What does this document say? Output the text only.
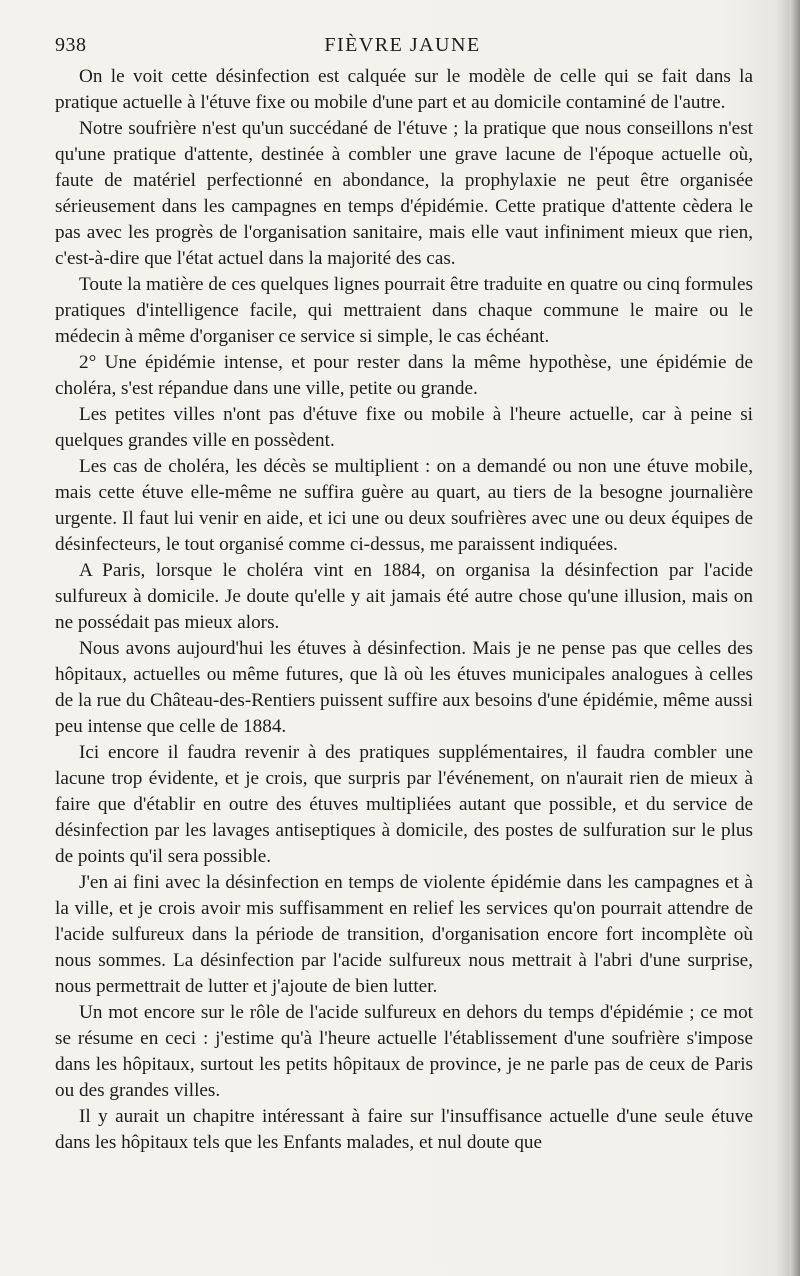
938	FIÈVRE JAUNE

On le voit cette désinfection est calquée sur le modèle de celle qui se fait dans la pratique actuelle à l'étuve fixe ou mobile d'une part et au domicile contaminé de l'autre.

Notre soufrière n'est qu'un succédané de l'étuve ; la pratique que nous conseillons n'est qu'une pratique d'attente, destinée à combler une grave lacune de l'époque actuelle où, faute de matériel perfectionné en abondance, la prophylaxie ne peut être organisée sérieusement dans les campagnes en temps d'épidémie. Cette pratique d'attente cèdera le pas avec les progrès de l'organisation sanitaire, mais elle vaut infiniment mieux que rien, c'est-à-dire que l'état actuel dans la majorité des cas.

Toute la matière de ces quelques lignes pourrait être traduite en quatre ou cinq formules pratiques d'intelligence facile, qui mettraient dans chaque commune le maire ou le médecin à même d'organiser ce service si simple, le cas échéant.

2° Une épidémie intense, et pour rester dans la même hypothèse, une épidémie de choléra, s'est répandue dans une ville, petite ou grande.

Les petites villes n'ont pas d'étuve fixe ou mobile à l'heure actuelle, car à peine si quelques grandes ville en possèdent.

Les cas de choléra, les décès se multiplient : on a demandé ou non une étuve mobile, mais cette étuve elle-même ne suffira guère au quart, au tiers de la besogne journalière urgente. Il faut lui venir en aide, et ici une ou deux soufrières avec une ou deux équipes de désinfecteurs, le tout organisé comme ci-dessus, me paraissent indiquées.

A Paris, lorsque le choléra vint en 1884, on organisa la désinfection par l'acide sulfureux à domicile. Je doute qu'elle y ait jamais été autre chose qu'une illusion, mais on ne possédait pas mieux alors.

Nous avons aujourd'hui les étuves à désinfection. Mais je ne pense pas que celles des hôpitaux, actuelles ou même futures, que là où les étuves municipales analogues à celles de la rue du Château-des-Rentiers puissent suffire aux besoins d'une épidémie, même aussi peu intense que celle de 1884.

Ici encore il faudra revenir à des pratiques supplémentaires, il faudra combler une lacune trop évidente, et je crois, que surpris par l'événement, on n'aurait rien de mieux à faire que d'établir en outre des étuves multipliées autant que possible, et du service de désinfection par les lavages antiseptiques à domicile, des postes de sulfuration sur le plus de points qu'il sera possible.

J'en ai fini avec la désinfection en temps de violente épidémie dans les campagnes et à la ville, et je crois avoir mis suffisamment en relief les services qu'on pourrait attendre de l'acide sulfureux dans la période de transition, d'organisation encore fort incomplète où nous sommes. La désinfection par l'acide sulfureux nous mettrait à l'abri d'une surprise, nous permettrait de lutter et j'ajoute de bien lutter.

Un mot encore sur le rôle de l'acide sulfureux en dehors du temps d'épidémie ; ce mot se résume en ceci : j'estime qu'à l'heure actuelle l'établissement d'une soufrière s'impose dans les hôpitaux, surtout les petits hôpitaux de province, je ne parle pas de ceux de Paris ou des grandes villes.

Il y aurait un chapitre intéressant à faire sur l'insuffisance actuelle d'une seule étuve dans les hôpitaux tels que les Enfants malades, et nul doute que
